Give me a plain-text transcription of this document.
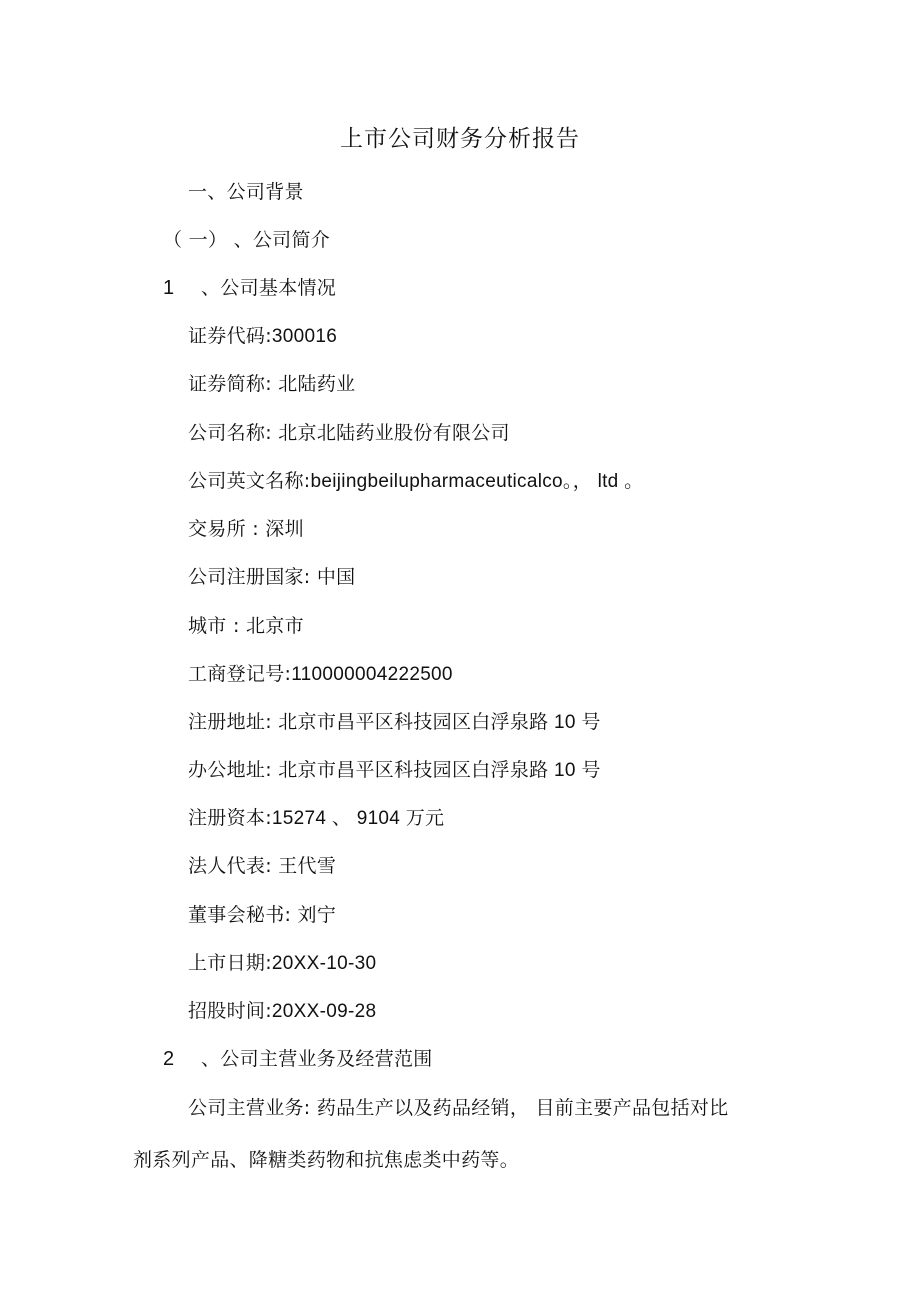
上市公司财务分析报告
一、公司背景
（ 一） 、公司简介
1 、公司基本情况
证券代码:300016
证券简称: 北陆药业
公司名称: 北京北陆药业股份有限公司
公司英文名称:beijingbeilupharmaceuticalco。， ltd 。
交易所 : 深圳
公司注册国家: 中国
城市 : 北京市
工商登记号:110000004222500
注册地址: 北京市昌平区科技园区白浮泉路 10 号
办公地址: 北京市昌平区科技园区白浮泉路 10 号
注册资本:15274 、 9104 万元
法人代表: 王代雪
董事会秘书: 刘宁
上市日期:20XX-10-30
招股时间:20XX-09-28
2 、公司主营业务及经营范围
公司主营业务: 药品生产以及药品经销， 目前主要产品包括对比
剂系列产品、降糖类药物和抗焦虑类中药等。
